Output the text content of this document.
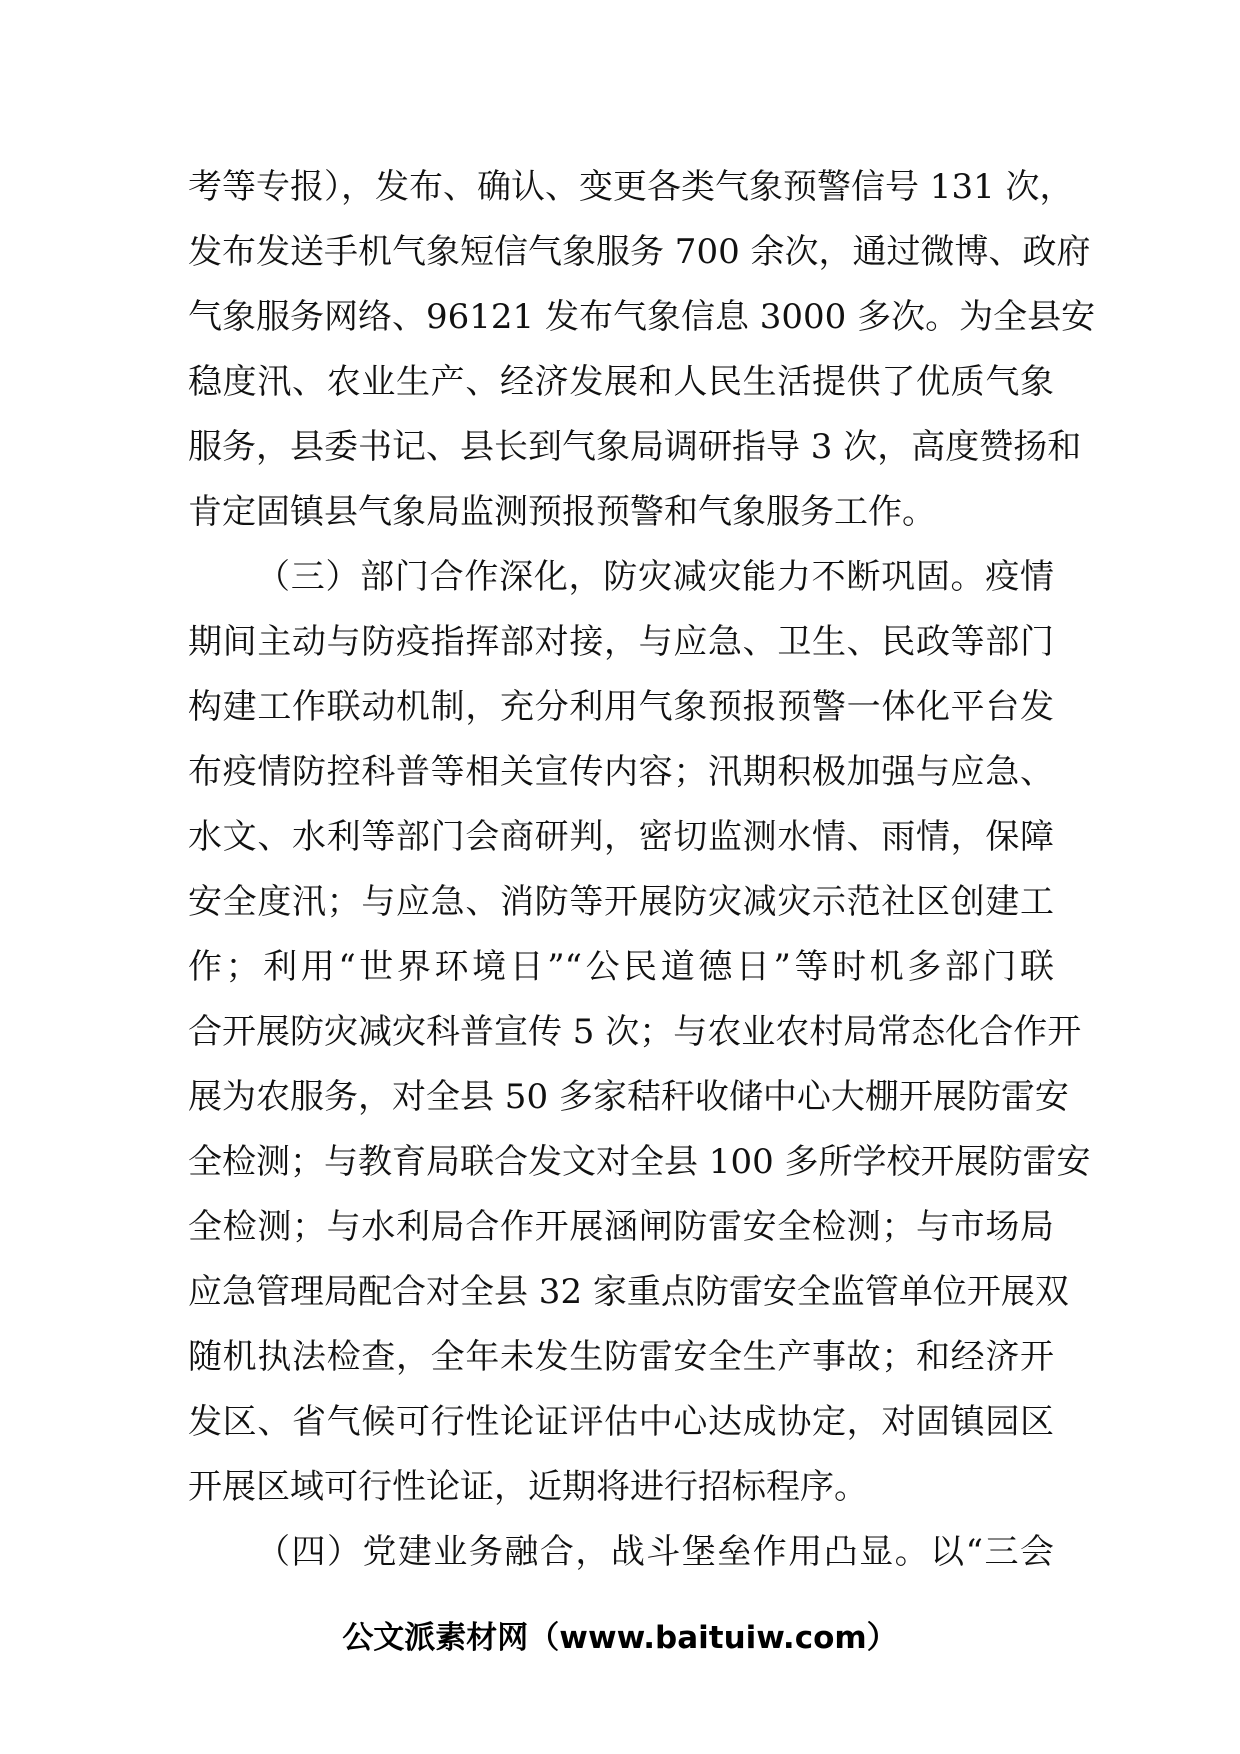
考等专报），发布、确认、变更各类气象预警信号 131 次，
发布发送手机气象短信气象服务 700 余次，通过微博、政府
气象服务网络、96121 发布气象信息 3000 多次。为全县安
稳度汛、农业生产、经济发展和人民生活提供了优质气象
服务，县委书记、县长到气象局调研指导 3 次，高度赞扬和
肯定固镇县气象局监测预报预警和气象服务工作。
（三）部门合作深化，防灾减灾能力不断巩固。疫情
期间主动与防疫指挥部对接，与应急、卫生、民政等部门
构建工作联动机制，充分利用气象预报预警一体化平台发
布疫情防控科普等相关宣传内容；汛期积极加强与应急、
水文、水利等部门会商研判，密切监测水情、雨情，保障
安全度汛；与应急、消防等开展防灾减灾示范社区创建工
作；利用“世界环境日”“公民道德日”等时机多部门联
合开展防灾减灾科普宣传 5 次；与农业农村局常态化合作开
展为农服务，对全县 50 多家秸秆收储中心大棚开展防雷安
全检测；与教育局联合发文对全县 100 多所学校开展防雷安
全检测；与水利局合作开展涵闸防雷安全检测；与市场局
应急管理局配合对全县 32 家重点防雷安全监管单位开展双
随机执法检查，全年未发生防雷安全生产事故；和经济开
发区、省气候可行性论证评估中心达成协定，对固镇园区
开展区域可行性论证，近期将进行招标程序。
（四）党建业务融合，战斗堡垒作用凸显。以“三会
公文派素材网（www.baituiw.com）
